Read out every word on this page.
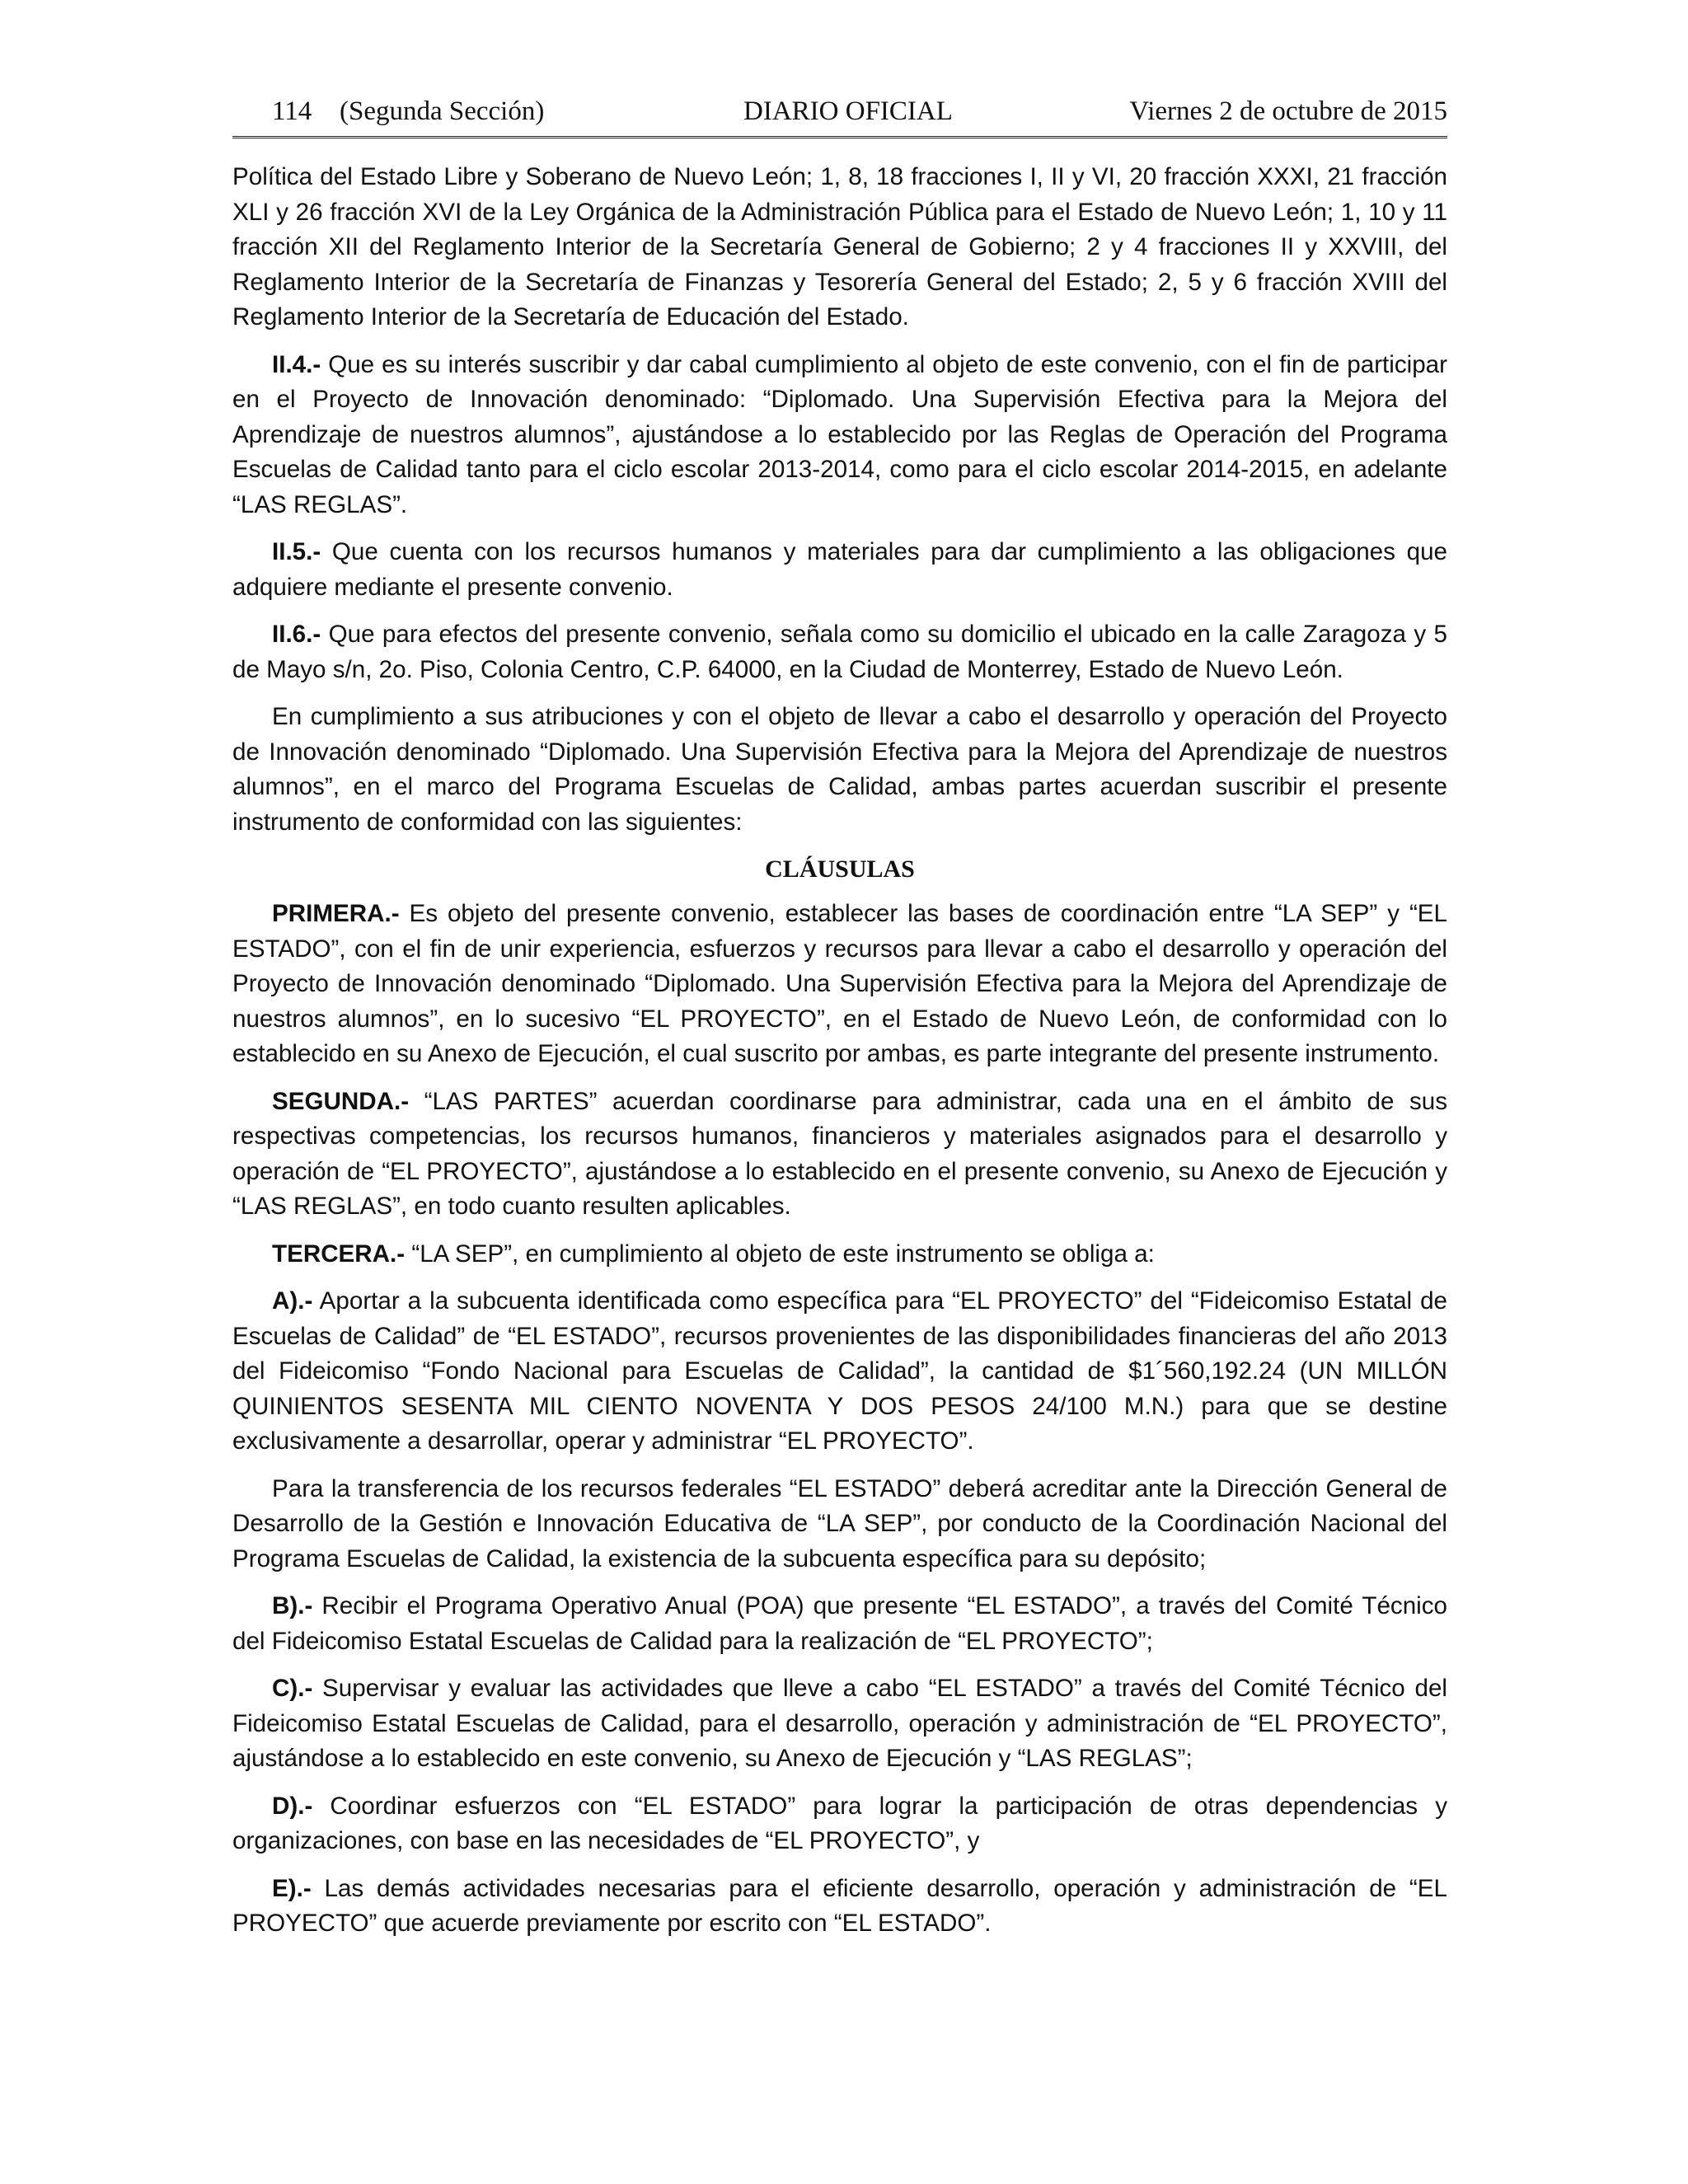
114 (Segunda Sección)	DIARIO OFICIAL	Viernes 2 de octubre de 2015

Política del Estado Libre y Soberano de Nuevo León; 1, 8, 18 fracciones I, II y VI, 20 fracción XXXI, 21 fracción XLI y 26 fracción XVI de la Ley Orgánica de la Administración Pública para el Estado de Nuevo León; 1, 10 y 11 fracción XII del Reglamento Interior de la Secretaría General de Gobierno; 2 y 4 fracciones II y XXVIII, del Reglamento Interior de la Secretaría de Finanzas y Tesorería General del Estado; 2, 5 y 6 fracción XVIII del Reglamento Interior de la Secretaría de Educación del Estado.

II.4.- Que es su interés suscribir y dar cabal cumplimiento al objeto de este convenio, con el fin de participar en el Proyecto de Innovación denominado: “Diplomado. Una Supervisión Efectiva para la Mejora del Aprendizaje de nuestros alumnos”, ajustándose a lo establecido por las Reglas de Operación del Programa Escuelas de Calidad tanto para el ciclo escolar 2013-2014, como para el ciclo escolar 2014-2015, en adelante “LAS REGLAS”.

II.5.- Que cuenta con los recursos humanos y materiales para dar cumplimiento a las obligaciones que adquiere mediante el presente convenio.

II.6.- Que para efectos del presente convenio, señala como su domicilio el ubicado en la calle Zaragoza y 5 de Mayo s/n, 2o. Piso, Colonia Centro, C.P. 64000, en la Ciudad de Monterrey, Estado de Nuevo León.

En cumplimiento a sus atribuciones y con el objeto de llevar a cabo el desarrollo y operación del Proyecto de Innovación denominado “Diplomado. Una Supervisión Efectiva para la Mejora del Aprendizaje de nuestros alumnos”, en el marco del Programa Escuelas de Calidad, ambas partes acuerdan suscribir el presente instrumento de conformidad con las siguientes:

CLÁUSULAS

PRIMERA.- Es objeto del presente convenio, establecer las bases de coordinación entre “LA SEP” y “EL ESTADO”, con el fin de unir experiencia, esfuerzos y recursos para llevar a cabo el desarrollo y operación del Proyecto de Innovación denominado “Diplomado. Una Supervisión Efectiva para la Mejora del Aprendizaje de nuestros alumnos”, en lo sucesivo “EL PROYECTO”, en el Estado de Nuevo León, de conformidad con lo establecido en su Anexo de Ejecución, el cual suscrito por ambas, es parte integrante del presente instrumento.

SEGUNDA.- “LAS PARTES” acuerdan coordinarse para administrar, cada una en el ámbito de sus respectivas competencias, los recursos humanos, financieros y materiales asignados para el desarrollo y operación de “EL PROYECTO”, ajustándose a lo establecido en el presente convenio, su Anexo de Ejecución y “LAS REGLAS”, en todo cuanto resulten aplicables.

TERCERA.- “LA SEP”, en cumplimiento al objeto de este instrumento se obliga a:

A).- Aportar a la subcuenta identificada como específica para “EL PROYECTO” del “Fideicomiso Estatal de Escuelas de Calidad” de “EL ESTADO”, recursos provenientes de las disponibilidades financieras del año 2013 del Fideicomiso “Fondo Nacional para Escuelas de Calidad”, la cantidad de $1´560,192.24 (UN MILLÓN QUINIENTOS SESENTA MIL CIENTO NOVENTA Y DOS PESOS 24/100 M.N.) para que se destine exclusivamente a desarrollar, operar y administrar “EL PROYECTO”.

Para la transferencia de los recursos federales “EL ESTADO” deberá acreditar ante la Dirección General de Desarrollo de la Gestión e Innovación Educativa de “LA SEP”, por conducto de la Coordinación Nacional del Programa Escuelas de Calidad, la existencia de la subcuenta específica para su depósito;

B).- Recibir el Programa Operativo Anual (POA) que presente “EL ESTADO”, a través del Comité Técnico del Fideicomiso Estatal Escuelas de Calidad para la realización de “EL PROYECTO”;

C).- Supervisar y evaluar las actividades que lleve a cabo “EL ESTADO” a través del Comité Técnico del Fideicomiso Estatal Escuelas de Calidad, para el desarrollo, operación y administración de “EL PROYECTO”, ajustándose a lo establecido en este convenio, su Anexo de Ejecución y “LAS REGLAS”;

D).- Coordinar esfuerzos con “EL ESTADO” para lograr la participación de otras dependencias y organizaciones, con base en las necesidades de “EL PROYECTO”, y

E).- Las demás actividades necesarias para el eficiente desarrollo, operación y administración de “EL PROYECTO” que acuerde previamente por escrito con “EL ESTADO”.
